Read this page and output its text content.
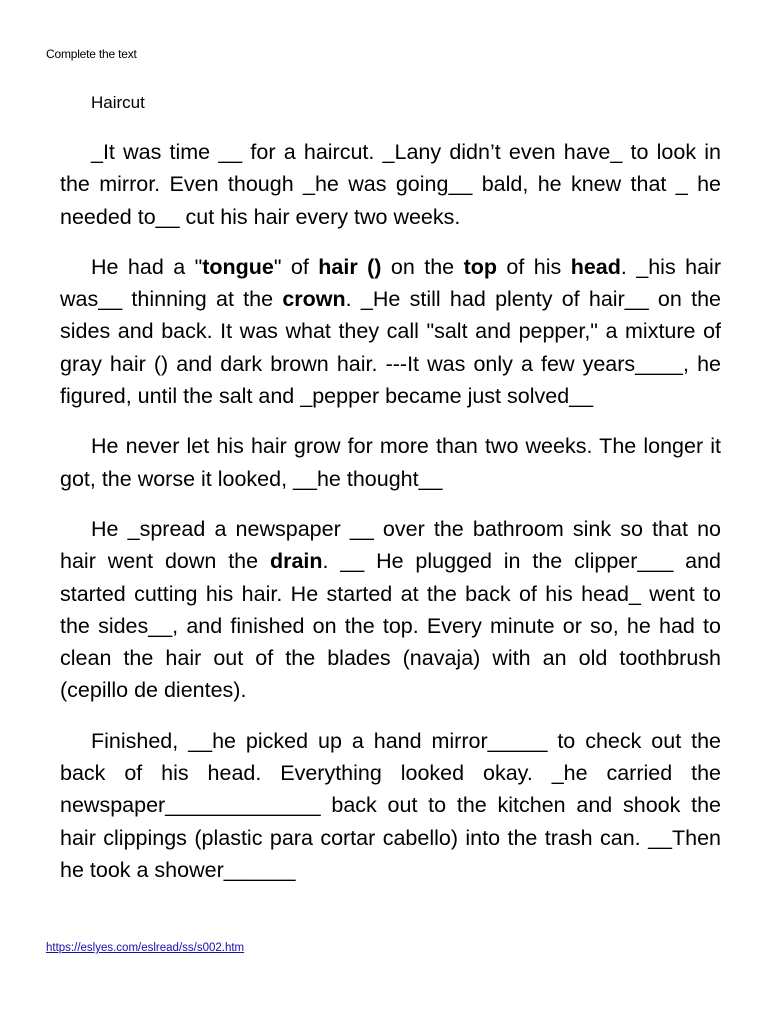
Complete the text
Haircut

_It was time __ for a haircut. _Lany didn’t even have_ to look in the mirror. Even though _he was going__ bald, he knew that _ he needed to__ cut his hair every two weeks.

He had a "tongue" of hair () on the top of his head. _his hair was__ thinning at the crown. _He still had plenty of hair__ on the sides and back. It was what they call "salt and pepper," a mixture of gray hair () and dark brown hair. ---It was only a few years____, he figured, until the salt and _pepper became just solved__

He never let his hair grow for more than two weeks. The longer it got, the worse it looked, __he thought__

He _spread a newspaper __ over the bathroom sink so that no hair went down the drain. __ He plugged in the clipper___ and started cutting his hair. He started at the back of his head_ went to the sides__, and finished on the top. Every minute or so, he had to clean the hair out of the blades (navaja) with an old toothbrush (cepillo de dientes).

Finished, __he picked up a hand mirror_____ to check out the back of his head. Everything looked okay. _he carried the newspaper_____________ back out to the kitchen and shook the hair clippings (plastic para cortar cabello) into the trash can. __Then he took a shower______

https://eslyes.com/eslread/ss/s002.htm
